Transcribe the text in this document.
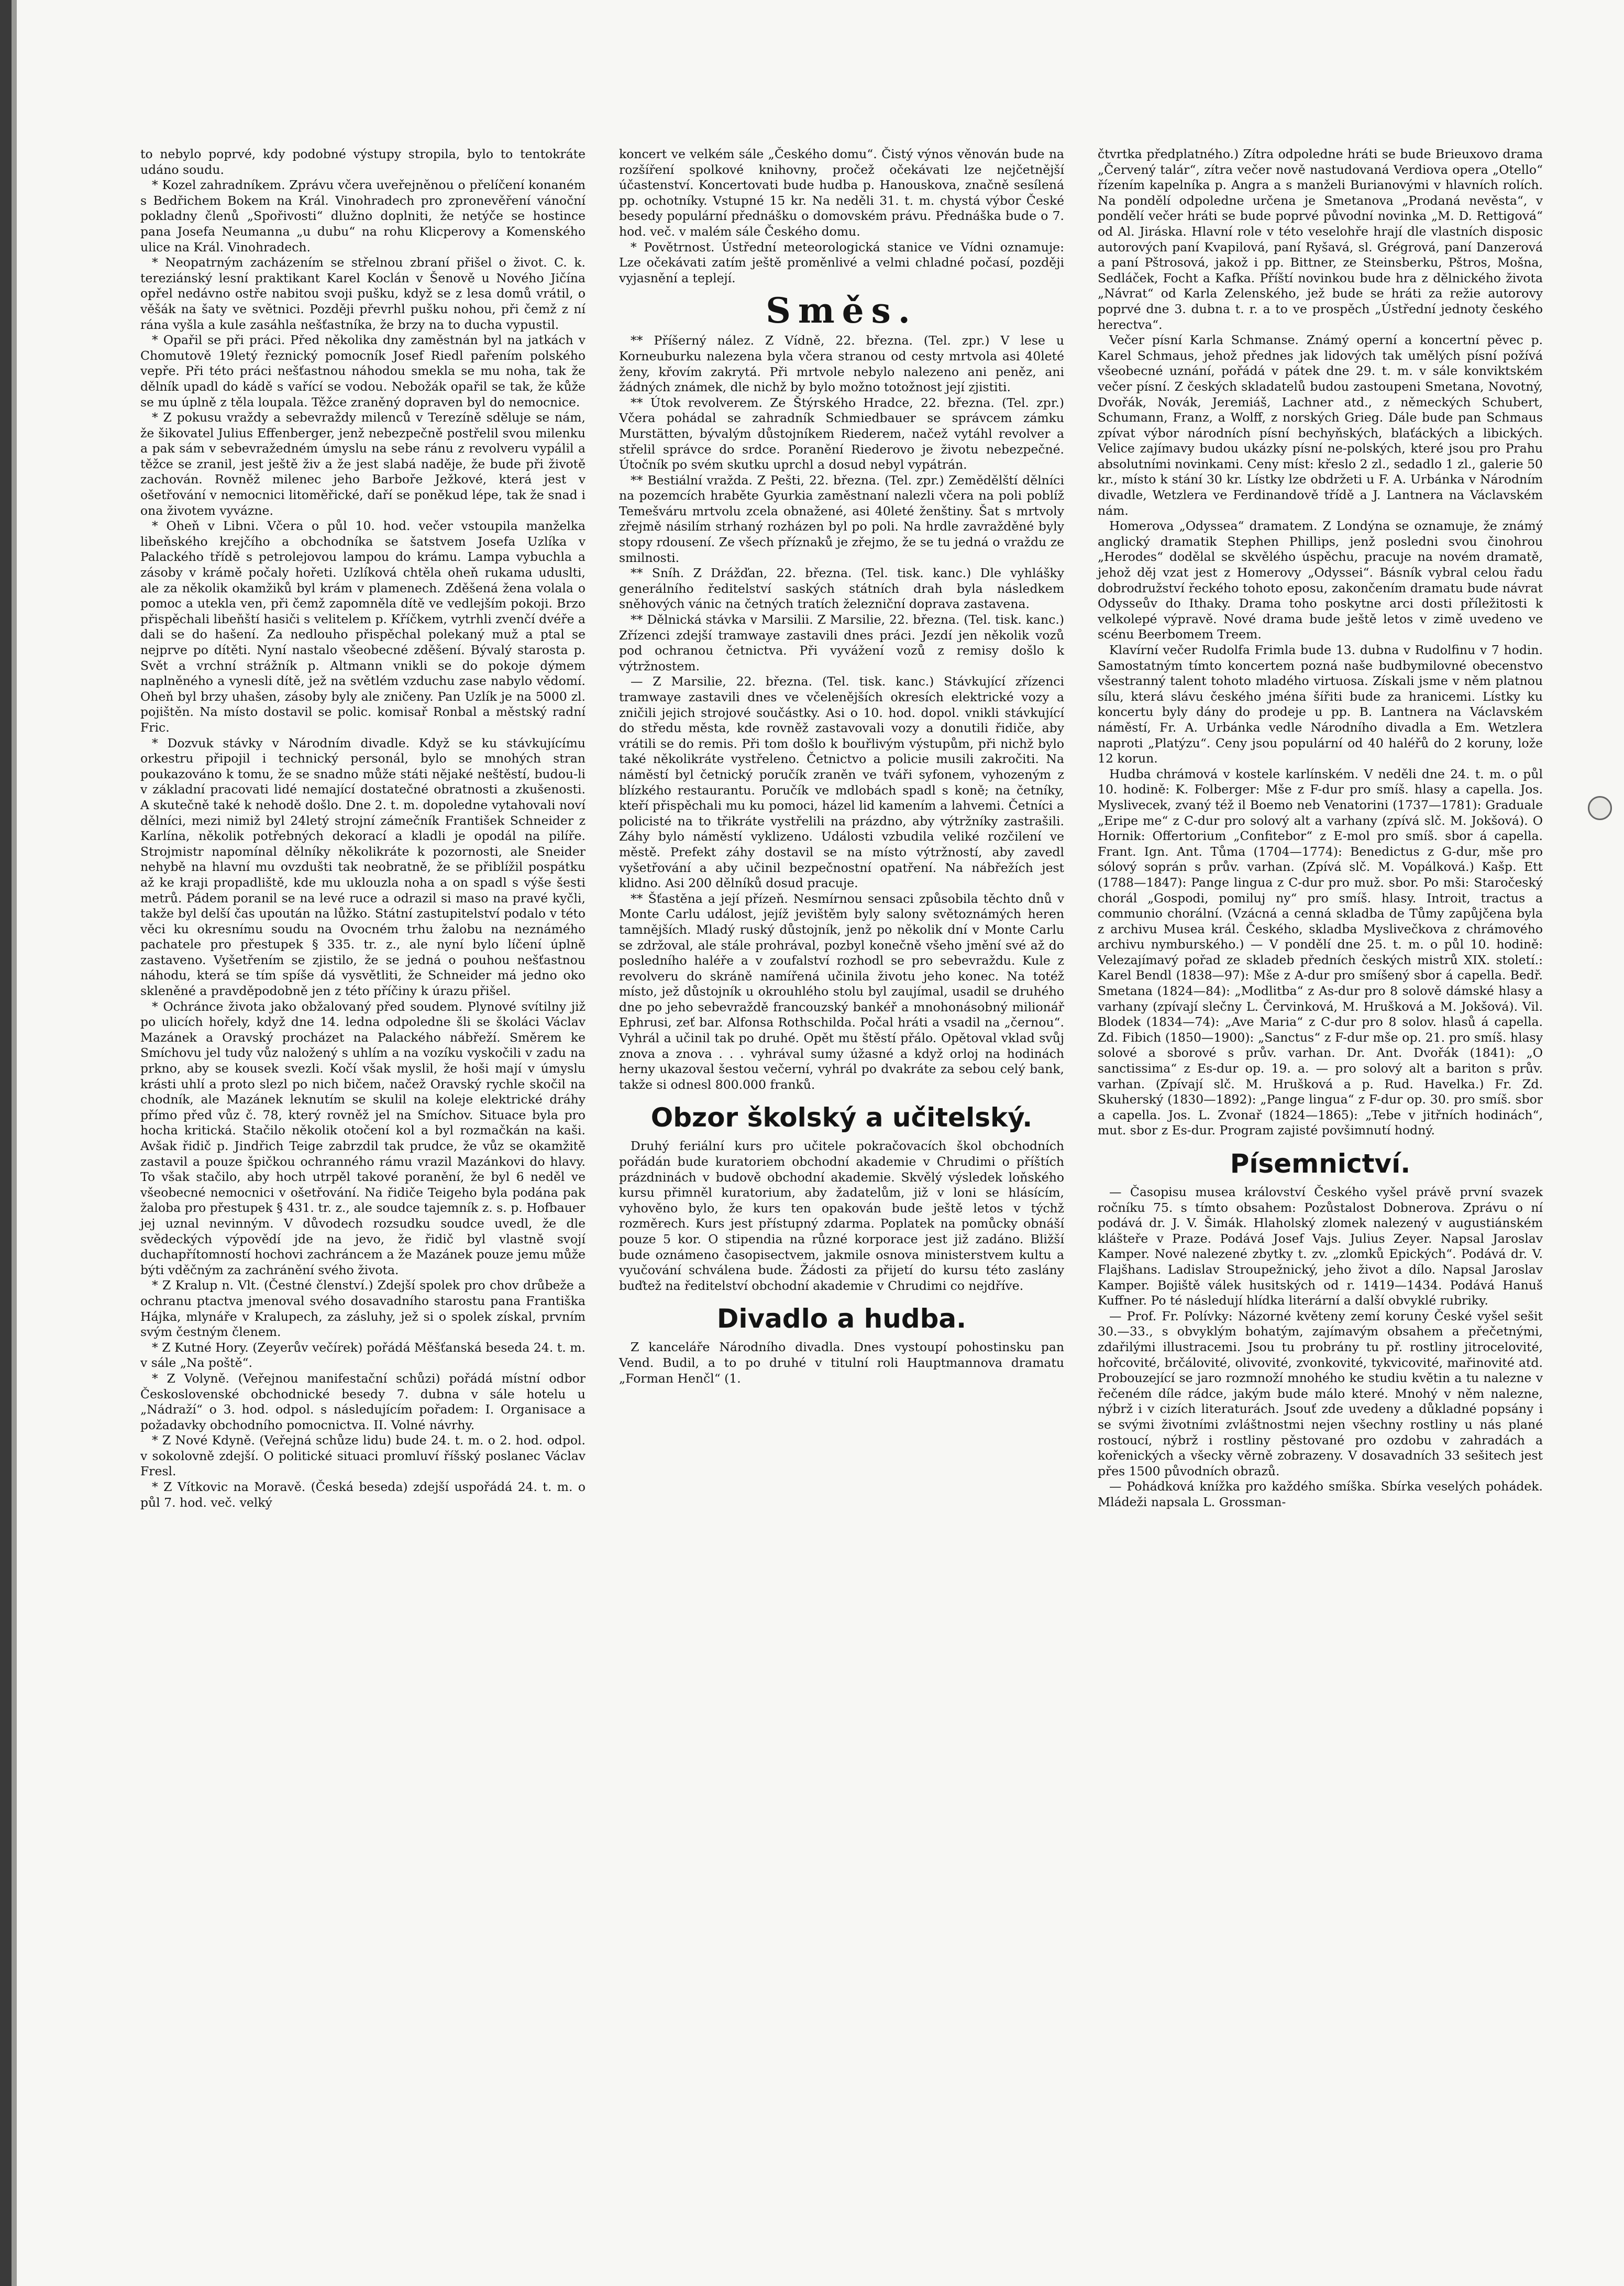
to nebylo poprvé, kdy podobné výstupy stropila, bylo to tentokráte udáno soudu.

* Kozel zahradníkem. Zprávu včera uveřejněnou o přelíčení konaném s Bedřichem Bokem na Král. Vinohradech pro zpronevěření vánoční pokladny členů „Spořivosti“ dlužno doplniti, že netýče se hostince pana Josefa Neumanna „u dubu“ na rohu Klicperovy a Komenského ulice na Král. Vinohradech.

* Neopatrným zacházením se střelnou zbraní přišel o život. C. k. tereziánský lesní praktikant Karel Koclán v Šenově u Nového Jičína opřel nedávno ostře nabitou svoji pušku, když se z lesa domů vrátil, o věšák na šaty ve světnici. Později převrhl pušku nohou, při čemž z ní rána vyšla a kule zasáhla nešťastníka, že brzy na to ducha vypustil.

* Opařil se při práci. Před několika dny zaměstnán byl na jatkách v Chomutově 19letý řeznický pomocník Josef Riedl pařením polského vepře. Při této práci nešťastnou náhodou smekla se mu noha, tak že dělník upadl do kádě s vařící se vodou. Nebožák opařil se tak, že kůže se mu úplně z těla loupala. Těžce zraněný dopraven byl do nemocnice.

* Z pokusu vraždy a sebevraždy milenců v Terezíně sděluje se nám, že šikovatel Julius Effenberger, jenž nebezpečně postřelil svou milenku a pak sám v sebevražedném úmyslu na sebe ránu z revolveru vypálil a těžce se zranil, jest ještě živ a že jest slabá naděje, že bude při životě zachován. Rovněž milenec jeho Barboře Ježkové, která jest v ošetřování v nemocnici litoměřické, daří se poněkud lépe, tak že snad i ona životem vyvázne.

* Oheň v Libni. Včera o půl 10. hod. večer vstoupila manželka libeňského krejčího a obchodníka se šatstvem Josefa Uzlíka v Palackého třídě s petrolejovou lampou do krámu. Lampa vybuchla a zásoby v krámě počaly hořeti. Uzlíková chtěla oheň rukama uduslti, ale za několik okamžiků byl krám v plamenech. Zděšená žena volala o pomoc a utekla ven, při čemž zapomněla dítě ve vedlejším pokoji. Brzo přispěchali libeňští hasiči s velitelem p. Kříčkem, vytrhli zvenčí dvéře a dali se do hašení. Za nedlouho přispěchal polekaný muž a ptal se nejprve po dítěti. Nyní nastalo všeobecné zděšení. Bývalý starosta p. Svět a vrchní strážník p. Altmann vnikli se do pokoje dýmem naplněného a vynesli dítě, jež na světlém vzduchu zase nabylo vědomí. Oheň byl brzy uhašen, zásoby byly ale zničeny. Pan Uzlík je na 5000 zl. pojištěn. Na místo dostavil se polic. komisař Ronbal a městský radní Fric.

* Dozvuk stávky v Národním divadle. Když se ku stávkujícímu orkestru připojil i technický personál, bylo se mnohých stran poukazováno k tomu, že se snadno může státi nějaké neštěstí, budou-li v základní pracovati lidé nemající dostatečné obratnosti a zkušenosti. A skutečně také k nehodě došlo. Dne 2. t. m. dopoledne vytahovali noví dělníci, mezi nimiž byl 24letý strojní zámečník František Schneider z Karlína, několik potřebných dekorací a kladli je opodál na pilíře. Strojmistr napomínal dělníky několikráte k pozornosti, ale Sneider nehybě na hlavní mu ovzdušti tak neobratně, že se přiblížil pospátku až ke kraji propadliště, kde mu uklouzla noha a on spadl s výše šesti metrů. Pádem poranil se na levé ruce a odrazil si maso na pravé kyčli, takže byl delší čas upoután na lůžko. Státní zastupitelství podalo v této věci ku okresnímu soudu na Ovocném trhu žalobu na neznámého pachatele pro přestupek § 335. tr. z., ale nyní bylo líčení úplně zastaveno. Vyšetřením se zjistilo, že se jedná o pouhou nešťastnou náhodu, která se tím spíše dá vysvětliti, že Schneider má jedno oko skleněné a pravděpodobně jen z této příčiny k úrazu přišel.

* Ochránce života jako obžalovaný před soudem. Plynové svítilny již po ulicích hořely, když dne 14. ledna odpoledne šli se školáci Václav Mazánek a Oravský procházet na Palackého nábřeží. Směrem ke Smíchovu jel tudy vůz naložený s uhlím a na vozíku vyskočili v zadu na prkno, aby se kousek svezli. Kočí však myslil, že hoši mají v úmyslu krásti uhlí a proto slezl po nich bičem, načež Oravský rychle skočil na chodník, ale Mazánek leknutím se skulil na koleje elektrické dráhy přímo před vůz č. 78, který rovněž jel na Smíchov. Situace byla pro hocha kritická. Stačilo několik otočení kol a byl rozmačkán na kaši. Avšak řidič p. Jindřich Teige zabrzdil tak prudce, že vůz se okamžitě zastavil a pouze špičkou ochranného rámu vrazil Mazánkovi do hlavy. To však stačilo, aby hoch utrpěl takové poranění, že byl 6 neděl ve všeobecné nemocnici v ošetřování. Na řidiče Teigeho byla podána pak žaloba pro přestupek § 431. tr. z., ale soudce tajemník z. s. p. Hofbauer jej uznal nevinným. V důvodech rozsudku soudce uvedl, že dle svědeckých výpovědí jde na jevo, že řidič byl vlastně svojí duchapřítomností hochovi zachráncem a že Mazánek pouze jemu může býti vděčným za zachránění svého života.

* Z Kralup n. Vlt. (Čestné členství.) Zdejší spolek pro chov drůbeže a ochranu ptactva jmenoval svého dosavadního starostu pana Františka Hájka, mlynáře v Kralupech, za zásluhy, jež si o spolek získal, prvním svým čestným členem.

* Z Kutné Hory. (Zeyerův večírek) pořádá Měšťanská beseda 24. t. m. v sále „Na poště“.

* Z Volyně. (Veřejnou manifestační schůzi) pořádá místní odbor Československé obchodnické besedy 7. dubna v sále hotelu u „Nádraží“ o 3. hod. odpol. s následujícím pořadem: I. Organisace a požadavky obchodního pomocnictva. II. Volné návrhy.

* Z Nové Kdyně. (Veřejná schůze lidu) bude 24. t. m. o 2. hod. odpol. v sokolovně zdejší. O politické situaci promluví říšský poslanec Václav Fresl.

* Z Vítkovic na Moravě. (Česká beseda) zdejší uspořádá 24. t. m. o půl 7. hod. več. velký

koncert ve velkém sále „Českého domu“. Čistý výnos věnován bude na rozšíření spolkové knihovny, pročež očekávati lze nejčetnější účastenství. Koncertovati bude hudba p. Hanouskova, značně sesílená pp. ochotníky. Vstupné 15 kr. Na neděli 31. t. m. chystá výbor České besedy populární přednášku o domovském právu. Přednáška bude o 7. hod. več. v malém sále Českého domu.

* Povětrnost. Ústřední meteorologická stanice ve Vídni oznamuje: Lze očekávati zatím ještě proměnlivé a velmi chladné počasí, později vyjasnění a teplejí.

Směs.

** Příšerný nález. Z Vídně, 22. března. (Tel. zpr.) V lese u Korneuburku nalezena byla včera stranou od cesty mrtvola asi 40leté ženy, křovím zakrytá. Při mrtvole nebylo nalezeno ani peněz, ani žádných známek, dle nichž by bylo možno totožnost její zjistiti.

** Útok revolverem. Ze Štýrského Hradce, 22. března. (Tel. zpr.) Včera pohádal se zahradník Schmiedbauer se správcem zámku Murstätten, bývalým důstojníkem Riederem, načež vytáhl revolver a střelil správce do srdce. Poranění Riederovo je životu nebezpečné. Útočník po svém skutku uprchl a dosud nebyl vypátrán.

** Bestiální vražda. Z Pešti, 22. března. (Tel. zpr.) Zemědělští dělníci na pozemcích hraběte Gyurkia zaměstnaní nalezli včera na poli poblíž Temešváru mrtvolu zcela obnažené, asi 40leté ženštiny. Šat s mrtvoly zřejmě násilím strhaný rozházen byl po poli. Na hrdle zavražděné byly stopy rdousení. Ze všech příznaků je zřejmo, že se tu jedná o vraždu ze smilnosti.

** Sníh. Z Drážďan, 22. března. (Tel. tisk. kanc.) Dle vyhlášky generálního ředitelství saských státních drah byla následkem sněhových vánic na četných tratích železniční doprava zastavena.

** Dělnická stávka v Marsilii. Z Marsilie, 22. března. (Tel. tisk. kanc.) Zřízenci zdejší tramwaye zastavili dnes práci. Jezdí jen několik vozů pod ochranou četnictva. Při vyvážení vozů z remisy došlo k výtržnostem.

— Z Marsilie, 22. března. (Tel. tisk. kanc.) Stávkující zřízenci tramwaye zastavili dnes ve včelenějších okresích elektrické vozy a zničili jejich strojové součástky. Asi o 10. hod. dopol. vnikli stávkující do středu města, kde rovněž zastavovali vozy a donutili řidiče, aby vrátili se do remis. Při tom došlo k bouřlivým výstupům, při nichž bylo také několikráte vystřeleno. Četnictvo a policie musili zakročiti. Na náměstí byl četnický poručík zraněn ve tváři syfonem, vyhozeným z blízkého restaurantu. Poručík ve mdlobách spadl s koně; na četníky, kteří přispěchali mu ku pomoci, házel lid kamením a lahvemi. Četníci a policisté na to třikráte vystřelili na prázdno, aby výtržníky zastrašili. Záhy bylo náměstí vyklizeno. Události vzbudila veliké rozčilení ve městě. Prefekt záhy dostavil se na místo výtržností, aby zavedl vyšetřování a aby učinil bezpečnostní opatření. Na nábřežích jest klidno. Asi 200 dělníků dosud pracuje.

** Šťastěna a její přízeň. Nesmírnou sensaci způsobila těchto dnů v Monte Carlu událost, jejíž jevištěm byly salony světoznámých heren tamnějších. Mladý ruský důstojník, jenž po několik dní v Monte Carlu se zdržoval, ale stále prohrával, pozbyl konečně všeho jmění své až do posledního haléře a v zoufalství rozhodl se pro sebevraždu. Kule z revolveru do skráně namířená učinila životu jeho konec. Na totéž místo, jež důstojník u okrouhlého stolu byl zaujímal, usadil se druhého dne po jeho sebevraždě francouzský bankéř a mnohonásobný milionář Ephrusi, zeť bar. Alfonsa Rothschilda. Počal hráti a vsadil na „černou“. Vyhrál a učinil tak po druhé. Opět mu štěstí přálo. Opětoval vklad svůj znova a znova . . . vyhrával sumy úžasné a když orloj na hodinách herny ukazoval šestou večerní, vyhrál po dvakráte za sebou celý bank, takže si odnesl 800.000 franků.

Obzor školský a učitelský.

Druhý feriální kurs pro učitele pokračovacích škol obchodních pořádán bude kuratoriem obchodní akademie v Chrudimi o příštích prázdninách v budově obchodní akademie. Skvělý výsledek loňského kursu přimněl kuratorium, aby žadatelům, již v loni se hlásícím, vyhověno bylo, že kurs ten opakován bude ještě letos v týchž rozměrech. Kurs jest přístupný zdarma. Poplatek na pomůcky obnáší pouze 5 kor. O stipendia na různé korporace jest již zadáno. Bližší bude oznámeno časopisectvem, jakmile osnova ministerstvem kultu a vyučování schválena bude. Žádosti za přijetí do kursu této zaslány buďtež na ředitelství obchodní akademie v Chrudimi co nejdříve.

Divadlo a hudba.

Z kanceláře Národního divadla. Dnes vystoupí pohostinsku pan Vend. Budil, a to po druhé v titulní roli Hauptmannova dramatu „Forman Henčl“ (1.

čtvrtka předplatného.) Zítra odpoledne hráti se bude Brieuxovo drama „Červený talár“, zítra večer nově nastudovaná Verdiova opera „Otello“ řízením kapelníka p. Angra a s manželi Burianovými v hlavních rolích. Na pondělí odpoledne určena je Smetanova „Prodaná nevěsta“, v pondělí večer hráti se bude poprvé původní novinka „M. D. Rettigová“ od Al. Jiráska. Hlavní role v této veselohře hrají dle vlastních disposic autorových paní Kvapilová, paní Ryšavá, sl. Grégrová, paní Danzerová a paní Pštrosová, jakož i pp. Bittner, ze Steinsberku, Pštros, Mošna, Sedláček, Focht a Kafka. Příští novinkou bude hra z dělnického života „Návrat“ od Karla Zelenského, jež bude se hráti za režie autorovy poprvé dne 3. dubna t. r. a to ve prospěch „Ústřední jednoty českého herectva“.

Večer písní Karla Schmanse. Známý operní a koncertní pěvec p. Karel Schmaus, jehož přednes jak lidových tak umělých písní požívá všeobecné uznání, pořádá v pátek dne 29. t. m. v sále konviktském večer písní. Z českých skladatelů budou zastoupeni Smetana, Novotný, Dvořák, Novák, Jeremiáš, Lachner atd., z německých Schubert, Schumann, Franz, a Wolff, z norských Grieg. Dále bude pan Schmaus zpívat výbor národních písní bechyňských, blaťáckých a libických. Velice zajímavy budou ukázky písní ne-polských, které jsou pro Prahu absolutními novinkami. Ceny míst: křeslo 2 zl., sedadlo 1 zl., galerie 50 kr., místo k stání 30 kr. Lístky lze obdržeti u F. A. Urbánka v Národním divadle, Wetzlera ve Ferdinandově třídě a J. Lantnera na Václavském nám.

Homerova „Odyssea“ dramatem. Z Londýna se oznamuje, že známý anglický dramatik Stephen Phillips, jenž posledni svou činohrou „Herodes“ dodělal se skvělého úspěchu, pracuje na novém dramatě, jehož děj vzat jest z Homerovy „Odyssei“. Básník vybral celou řadu dobrodružství řeckého tohoto eposu, zakončením dramatu bude návrat Odysseův do Ithaky. Drama toho poskytne arci dosti příležitosti k velkolepé výpravě. Nové drama bude ještě letos v zimě uvedeno ve scénu Beerbomem Treem.

Klavírní večer Rudolfa Frimla bude 13. dubna v Rudolfinu v 7 hodin. Samostatným tímto koncertem pozná naše budbymilovné obecenstvo všestranný talent tohoto mladého virtuosa. Získali jsme v něm platnou sílu, která slávu českého jména šířiti bude za hranicemi. Lístky ku koncertu byly dány do prodeje u pp. B. Lantnera na Václavském náměstí, Fr. A. Urbánka vedle Národního divadla a Em. Wetzlera naproti „Platýzu“. Ceny jsou populární od 40 haléřů do 2 koruny, lože 12 korun.

Hudba chrámová v kostele karlínském. V neděli dne 24. t. m. o půl 10. hodině: K. Folberger: Mše z F-dur pro smíš. hlasy a capella. Jos. Myslivecek, zvaný též il Boemo neb Venatorini (1737—1781): Graduale „Eripe me“ z C-dur pro solový alt a varhany (zpívá slč. M. Jokšová). O Hornik: Offertorium „Confitebor“ z E-mol pro smíš. sbor á capella. Frant. Ign. Ant. Tůma (1704—1774): Benedictus z G-dur, mše pro sólový soprán s prův. varhan. (Zpívá slč. M. Vopálková.) Kašp. Ett (1788—1847): Pange lingua z C-dur pro muž. sbor. Po mši: Staročeský chorál „Gospodi, pomiluj ny“ pro smíš. hlasy. Introit, tractus a communio chorální. (Vzácná a cenná skladba de Tůmy zapůjčena byla z archivu Musea král. Českého, skladba Myslivečkova z chrámového archivu nymburského.) — V pondělí dne 25. t. m. o půl 10. hodině: Velezajímavý pořad ze skladeb předních českých mistrů XIX. století.: Karel Bendl (1838—97): Mše z A-dur pro smíšený sbor á capella. Bedř. Smetana (1824—84): „Modlitba“ z As-dur pro 8 solově dámské hlasy a varhany (zpívají slečny L. Červinková, M. Hrušková a M. Jokšová). Vil. Blodek (1834—74): „Ave Maria“ z C-dur pro 8 solov. hlasů á capella. Zd. Fibich (1850—1900): „Sanctus“ z F-dur mše op. 21. pro smíš. hlasy solové a sborové s prův. varhan. Dr. Ant. Dvořák (1841): „O sanctissima“ z Es-dur op. 19. a. — pro solový alt a bariton s prův. varhan. (Zpívají slč. M. Hrušková a p. Rud. Havelka.) Fr. Zd. Skuherský (1830—1892): „Pange lingua“ z F-dur op. 30. pro smíš. sbor a capella. Jos. L. Zvonař (1824—1865): „Tebe v jitřních hodinách“, mut. sbor z Es-dur. Program zajisté povšimnutí hodný.

Písemnictví.

— Časopisu musea království Českého vyšel právě první svazek ročníku 75. s tímto obsahem: Pozůstalost Dobnerova. Zprávu o ní podává dr. J. V. Šimák. Hlaholský zlomek nalezený v augustiánském klášteře v Praze. Podává Josef Vajs. Julius Zeyer. Napsal Jaroslav Kamper. Nové nalezené zbytky t. zv. „zlomků Epických“. Podává dr. V. Flajšhans. Ladislav Stroupežnický, jeho život a dílo. Napsal Jaroslav Kamper. Bojiště válek husitských od r. 1419—1434. Podává Hanuš Kuffner. Po té následují hlídka literární a další obvyklé rubriky.

— Prof. Fr. Polívky: Názorné květeny zemí koruny České vyšel sešit 30.—33., s obvyklým bohatým, zajímavým obsahem a přečetnými, zdařilými illustracemi. Jsou tu probrány tu př. rostliny jitrocelovité, hořcovité, brčálovité, olivovité, zvonkovité, tykvicovité, mařinovité atd. Probouzející se jaro rozmnoží mnohého ke studiu květin a tu nalezne v řečeném díle rádce, jakým bude málo které. Mnohý v něm nalezne, nýbrž i v cizích literaturách. Jsouť zde uvedeny a důkladné popsány i se svými životními zvláštnostmi nejen všechny rostliny u nás plané rostoucí, nýbrž i rostliny pěstované pro ozdobu v zahradách a kořenických a všecky věrně zobrazeny. V dosavadních 33 sešitech jest přes 1500 původních obrazů.

— Pohádková knížka pro každého smíška. Sbírka veselých pohádek. Mládeži napsala L. Grossman-
